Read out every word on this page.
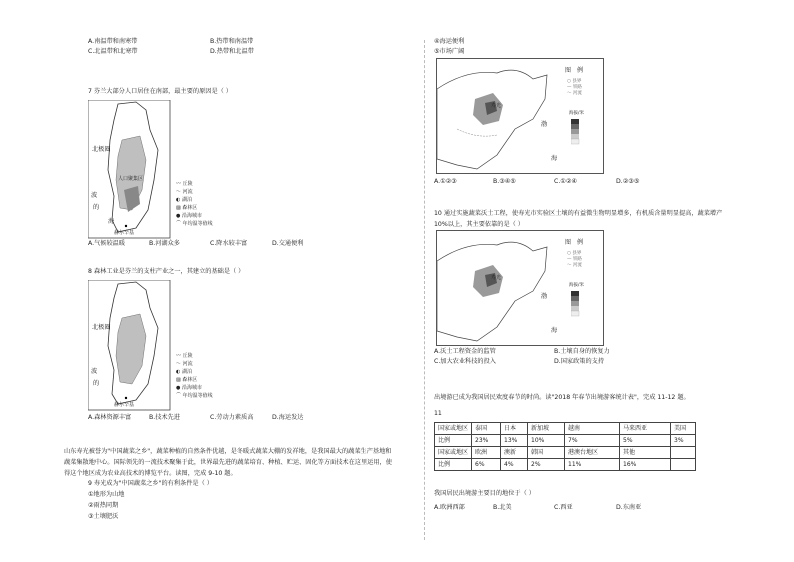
A.南温带和南寒带	B.热带和南温带
C.北温带和北寒带	D.热带和北温带
7 芬兰大部分人口居住在南部，最主要的原因是（ ）
北极圈
波
的
海
人口聚集区
赫尔辛基
〰 丘陵
〜 河流
◐ 湖泊
▨ 森林区
● 沿海城市
⌒ 年均温等值线
A.气候较温暖	B.河湖众多	C.降水较丰富	D.交通便利
8 森林工业是芬兰的支柱产业之一，其建立的基础是（ ）
北极圈
波
的
赫尔辛基
〰 丘陵
〜 河流
◐ 湖泊
▨ 森林区
● 沿海城市
⌒ 年均温等值线
A.森林资源丰富	B.技术先进	C.劳动力素质高	D.海运发达
山东寿光被誉为"中国蔬菜之乡"，蔬菜种植的自然条件优越，是冬暖式蔬菜大棚的发祥地，是我国最大的蔬菜生产基地和蔬菜集散地中心。国际领先的一流技术聚集于此，世界最先进的蔬菜培育、种植、贮运、固化等方面技术在这里运用，使得这个地区成为农业高技术的博览平台。读图，完成 9-10 题。
9 寿光成为"中国蔬菜之乡"的有利条件是（ ）
①地形为山地
②雨热同期
③土壤肥沃
④海运便利
⑤市场广阔
寿光
渤
海
图　例
○ 县界
— 铁路
〜 河流
海拔/米
A.①②③	B.③④⑤	C.①②④	D.②③⑤
10 通过实施蔬菜沃土工程，使寿光市实验区土壤的有益微生物明显增多，有机质含量明显提高，蔬菜增产 10%以上，其主要依靠的是（ ）
寿光
渤
海
图　例
○ 县界
— 铁路
〜 河流
海拔/米
A.沃土工程资金的监管	B.土壤自身的恢复力
C.加大农业科技的投入	D.国家政策的支持
出境游已成为我国居民欢度春节的时尚。读"2018 年春节出境游客统计表"，完成 11-12 题。
11
国家或地区	泰国	日本	新加坡	越南	马来西亚	美国
比例	23%	13%	10%	7%	5%	3%
国家或地区	欧洲	澳新	韩国	港澳台地区	其他	
比例	6%	4%	2%	11%	16%	
我国居民出境游主要目的地位于（ ）
A.欧洲西部	B.北美	C.西亚	D.东南亚
